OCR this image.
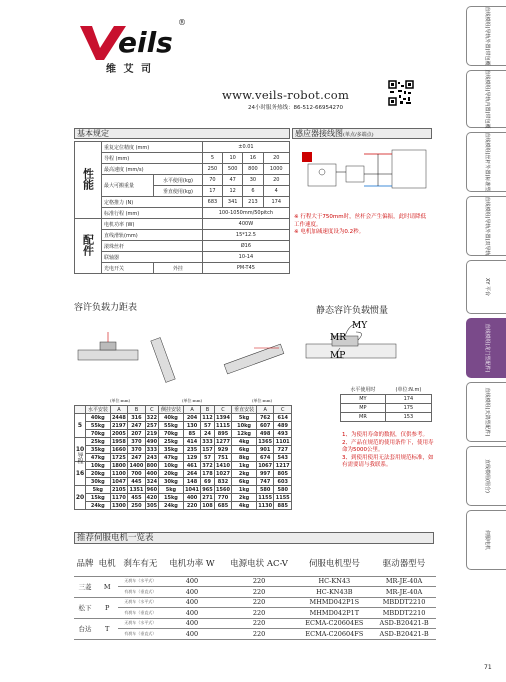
eils
®
维 艾 司
www.veils-robot.com
24小时服务热线：86-512-66954270
基本规定
性能	重复定位精度 (mm)		±0.01			
	导程 (mm)		5	10	16	20
	最高速度 (mm/s)		250	500	800	1000
	最大可搬重量	水平使用(kg)	70	47	30	20
		垂直使用(kg)	17	12	6	4
	定格推力 (N)		683	341	213	174
	标准行程 (mm)		100-1050mm/50pitch			
配件	电机功率 (W)		400W			
	直线滑轨(mm)		15*12.5			
	滚珠丝杆		Ø16			
	联轴器		10-14			
	光电开关	外挂	PM-T45			
感应器接线图(单点/多端点)
※ 行程大于750mm时，丝杆会产生偏振，此时请降低工作速度。
※ 电机加减速度设为0.2秒。
容许负载力距表
(单位:mm)	(单位:mm)	(单位:mm)
	水平安装	A	B	C	侧挂安装	A	B	C	垂直安装	A	C
5	40kg	2448	316	322	40kg	204	112	1394	5kg	762	614
	55kg	2197	247	257	55kg	130	57	1115	10kg	607	489
	70kg	2005	207	219	70kg	85	24	895	12kg	498	493
10	25kg	1958	370	490	25kg	414	333	1277	4kg	1365	1101
	35kg	1660	370	333	35kg	235	157	929	6kg	901	727
	47kg	1725	247	243	47kg	129	57	751	8kg	674	543
16	10kg	1800	1400	800	10kg	461	372	1410	1kg	1067	1217
	20kg	1100	700	400	20kg	264	178	1027	2kg	997	805
	30kg	1047	445	324	30kg	148	69	832	6kg	747	603
20	5kg	2105	1351	960	5kg	1041	965	1560	1kg	580	580
	15kg	1170	455	420	15kg	400	271	770	2kg	1155	1155
	24kg	1300	250	305	24kg	220	108	685	4kg	1130	885
导程
静态容许负载惯量
MY
MR
MP
水平使用时	(单位:N.m)
MY	174
MP	175
MR	153
1、为使用寿命的数据，仅供参考。
2、产品在规范的使用条件下，使用寿命为5000公里。
3、到使用使用无法套用规范标准，如有需要请与我联系。
推荐伺服电机一览表
品牌	电机	刹车有无	电机功率 W	电源电状 AC-V	伺服电机型号	驱动器型号
三菱	M	无刹车（水平式）	400	220	HC-KN43	MR-JE-40A
		有刹车（垂直式）	400	220	HC-KN43B	MR-JE-40A
松下	P	无刹车（水平式）	400	220	MHMD042P1S	MBDDT2210
		有刹车（垂直式）	400	220	MHMD042P1T	MBDDT2210
台达	T	无刹车（水平式）	400	220	ECMA-C20604ES	ASD-B20421-B
		有刹车（垂直式）	400	220	ECMA-C20604FS	ASD-B20421-B
直线模组(导轨外置)带包覆
直线模组(导轨内置)带包覆
直线模组(丝杆外置)标准型
直线模组(导轨外置)双导轨
XY 平台
直线模组(龙门型配件)
直线模组(天鸽型配件)
直线模组(组合)
伺服电机
71
